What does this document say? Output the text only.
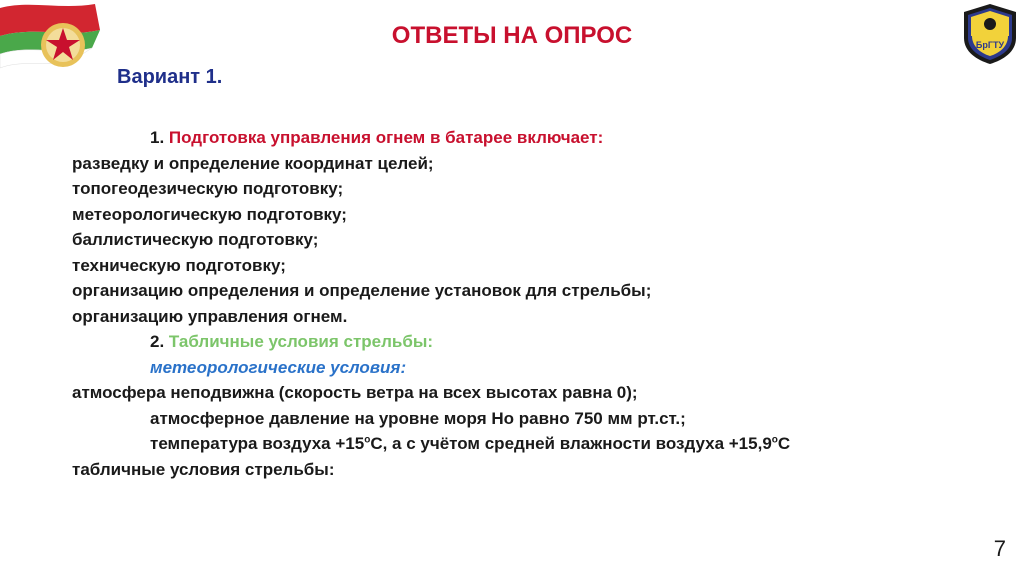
БрГТУ
ОТВЕТЫ НА ОПРОС
Вариант 1.
1. Подготовка управления огнем в батарее включает:
разведку и определение координат целей;
топогеодезическую подготовку;
метеорологическую подготовку;
баллистическую подготовку;
техническую подготовку;
организацию определения и определение установок для стрельбы;
организацию управления огнем.
2. Табличные условия стрельбы:
метеорологические условия:
атмосфера неподвижна (скорость ветра на всех высотах равна 0);
атмосферное давление на уровне моря Ho равно 750 мм рт.ст.;
температура воздуха $+15^oС$, а с учётом средней влажности воздуха $+15,9^oС$
табличные условия стрельбы:
7
